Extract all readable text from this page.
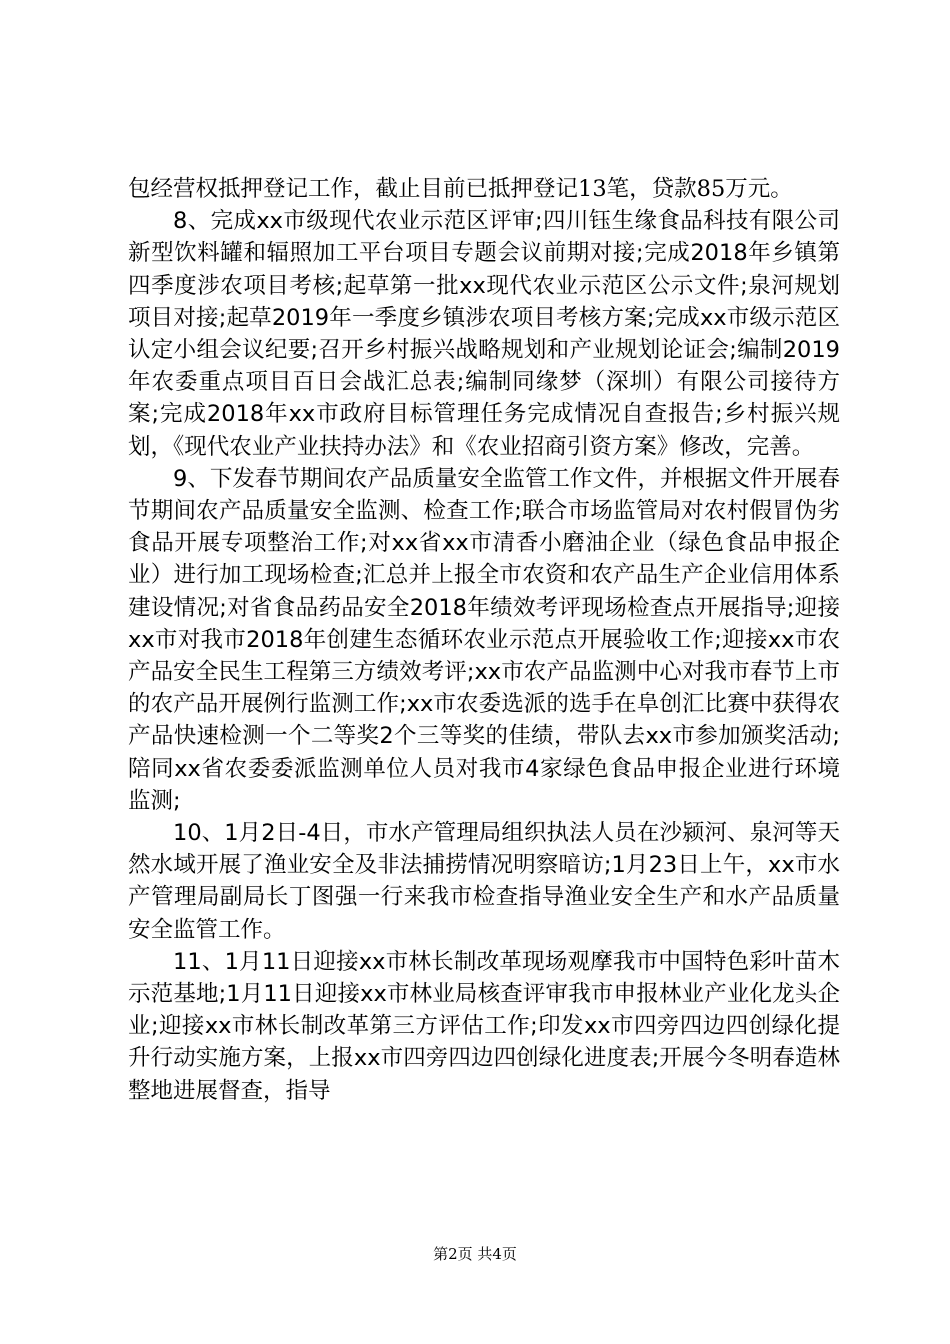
包经营权抵押登记工作，截止目前已抵押登记13笔，贷款85万元。

8、完成xx市级现代农业示范区评审;四川钰生缘食品科技有限公司新型饮料罐和辐照加工平台项目专题会议前期对接;完成2018年乡镇第四季度涉农项目考核;起草第一批xx现代农业示范区公示文件;泉河规划项目对接;起草2019年一季度乡镇涉农项目考核方案;完成xx市级示范区认定小组会议纪要;召开乡村振兴战略规划和产业规划论证会;编制2019年农委重点项目百日会战汇总表;编制同缘梦（深圳）有限公司接待方案;完成2018年xx市政府目标管理任务完成情况自查报告;乡村振兴规划，《现代农业产业扶持办法》和《农业招商引资方案》修改，完善。

9、下发春节期间农产品质量安全监管工作文件，并根据文件开展春节期间农产品质量安全监测、检查工作;联合市场监管局对农村假冒伪劣食品开展专项整治工作;对xx省xx市清香小磨油企业（绿色食品申报企业）进行加工现场检查;汇总并上报全市农资和农产品生产企业信用体系建设情况;对省食品药品安全2018年绩效考评现场检查点开展指导;迎接xx市对我市2018年创建生态循环农业示范点开展验收工作;迎接xx市农产品安全民生工程第三方绩效考评;xx市农产品监测中心对我市春节上市的农产品开展例行监测工作;xx市农委选派的选手在阜创汇比赛中获得农产品快速检测一个二等奖2个三等奖的佳绩，带队去xx市参加颁奖活动;陪同xx省农委委派监测单位人员对我市4家绿色食品申报企业进行环境监测;

10、1月2日-4日，市水产管理局组织执法人员在沙颍河、泉河等天然水域开展了渔业安全及非法捕捞情况明察暗访;1月23日上午，xx市水产管理局副局长丁图强一行来我市检查指导渔业安全生产和水产品质量安全监管工作。

11、1月11日迎接xx市林长制改革现场观摩我市中国特色彩叶苗木示范基地;1月11日迎接xx市林业局核查评审我市申报林业产业化龙头企业;迎接xx市林长制改革第三方评估工作;印发xx市四旁四边四创绿化提升行动实施方案，上报xx市四旁四边四创绿化进度表;开展今冬明春造林整地进展督查，指导

第2页 共4页
